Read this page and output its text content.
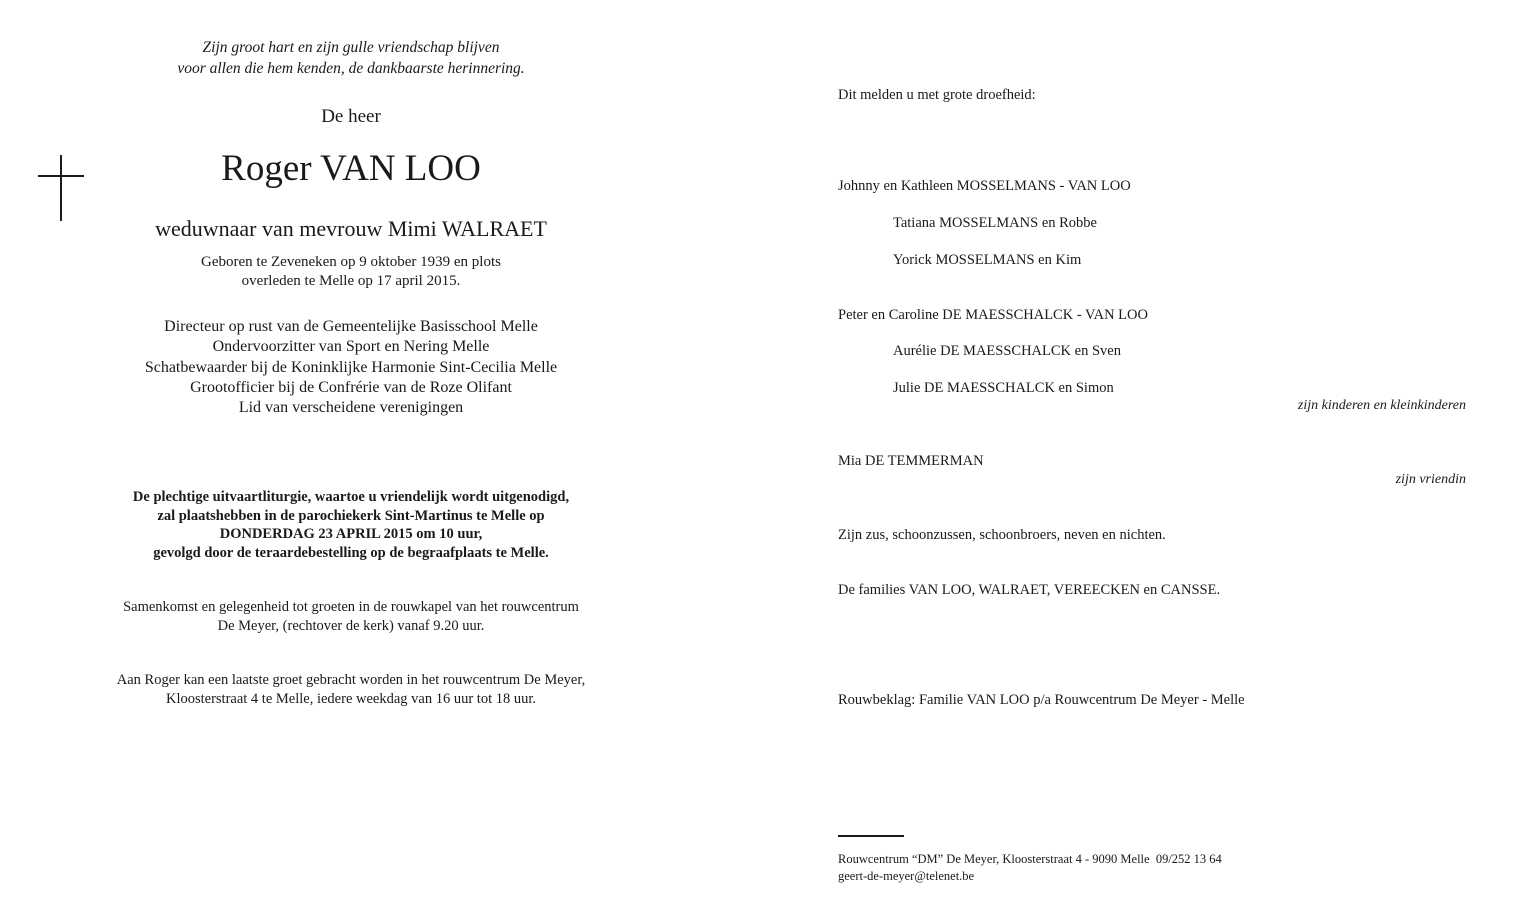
Zijn groot hart en zijn gulle vriendschap blijven
voor allen die hem kenden, de dankbaarste herinnering.
De heer
Roger VAN LOO
weduwnaar van mevrouw Mimi WALRAET
Geboren te Zeveneken op 9 oktober 1939 en plots
overleden te Melle op 17 april 2015.
Directeur op rust van de Gemeentelijke Basisschool Melle
Ondervoorzitter van Sport en Nering Melle
Schatbewaarder bij de Koninklijke Harmonie Sint-Cecilia Melle
Grootofficier bij de Confrérie van de Roze Olifant
Lid van verscheidene verenigingen
De plechtige uitvaartliturgie, waartoe u vriendelijk wordt uitgenodigd,
zal plaatshebben in de parochiekerk Sint-Martinus te Melle op
DONDERDAG 23 APRIL 2015 om 10 uur,
gevolgd door de teraardebestelling op de begraafplaats te Melle.
Samenkomst en gelegenheid tot groeten in de rouwkapel van het rouwcentrum
De Meyer, (rechtover de kerk) vanaf 9.20 uur.
Aan Roger kan een laatste groet gebracht worden in het rouwcentrum De Meyer,
Kloosterstraat 4 te Melle, iedere weekdag van 16 uur tot 18 uur.
Dit melden u met grote droefheid:
Johnny en Kathleen MOSSELMANS - VAN LOO
Tatiana MOSSELMANS en Robbe
Yorick MOSSELMANS en Kim
Peter en Caroline DE MAESSCHALCK - VAN LOO
Aurélie DE MAESSCHALCK en Sven
Julie DE MAESSCHALCK en Simon
zijn kinderen en kleinkinderen
Mia DE TEMMERMAN
zijn vriendin
Zijn zus, schoonzussen, schoonbroers, neven en nichten.
De families VAN LOO, WALRAET, VEREECKEN en CANSSE.
Rouwbeklag: Familie VAN LOO p/a Rouwcentrum De Meyer - Melle
Rouwcentrum “DM” De Meyer, Kloosterstraat 4 - 9090 Melle  09/252 13 64
geert-de-meyer@telenet.be
